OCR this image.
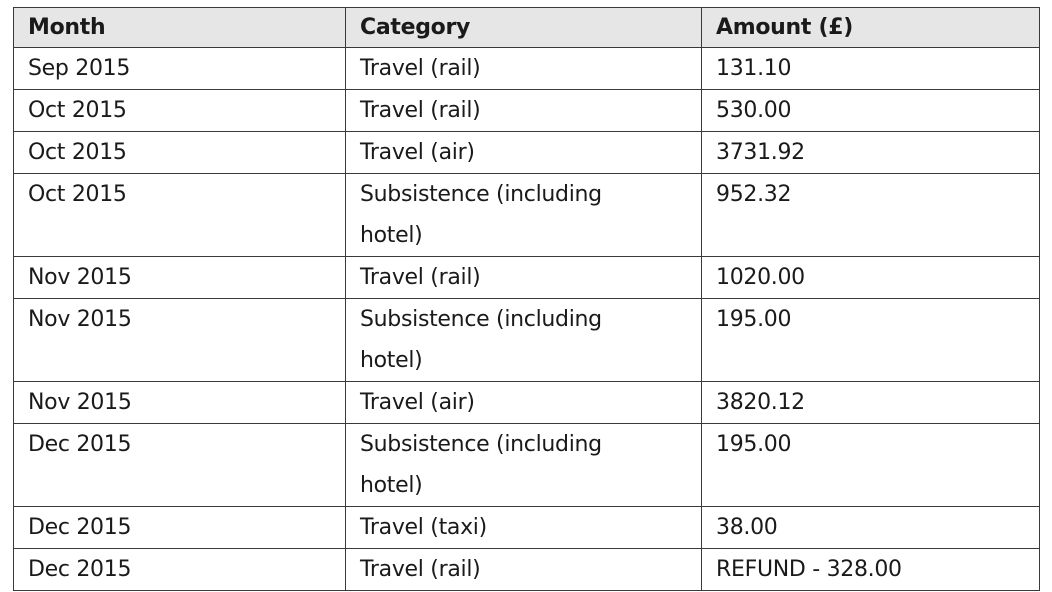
Month	Category	Amount (£)
Sep 2015	Travel (rail)	131.10
Oct 2015	Travel (rail)	530.00
Oct 2015	Travel (air)	3731.92
Oct 2015	Subsistence (including hotel)	952.32
Nov 2015	Travel (rail)	1020.00
Nov 2015	Subsistence (including hotel)	195.00
Nov 2015	Travel (air)	3820.12
Dec 2015	Subsistence (including hotel)	195.00
Dec 2015	Travel (taxi)	38.00
Dec 2015	Travel (rail)	REFUND - 328.00
